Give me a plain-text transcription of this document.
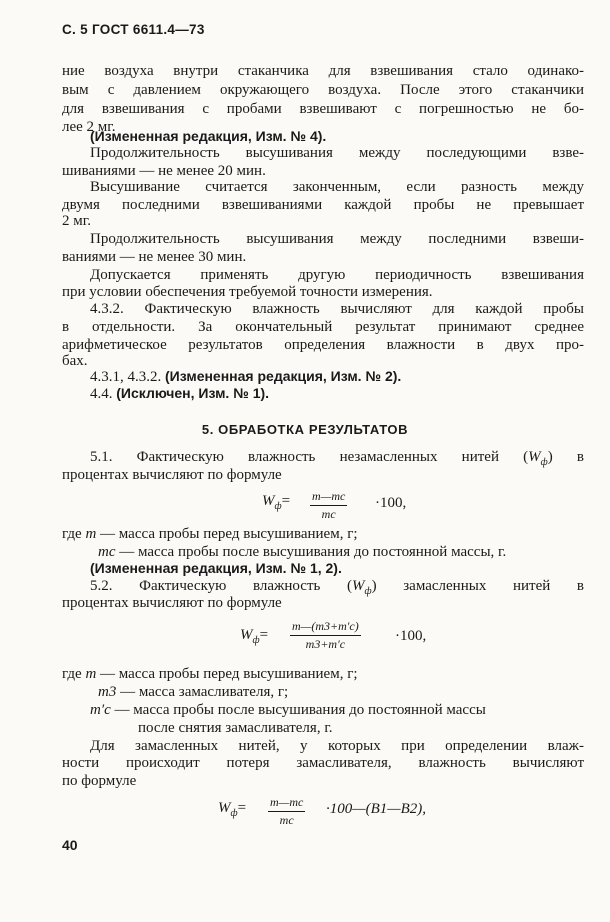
С. 5 ГОСТ 6611.4—73
ние воздуха внутри стаканчика для взвешивания стало одинако-
вым с давлением окружающего воздуха. После этого стаканчики
для взвешивания с пробами взвешивают с погрешностью не бо-
лее 2 мг.
(Измененная редакция, Изм. № 4).
Продолжительность высушивания между последующими взве-
шиваниями — не менее 20 мин.
Высушивание считается законченным, если разность между
двумя последними взвешиваниями каждой пробы не превышает
2 мг.
Продолжительность высушивания между последними взвеши-
ваниями — не менее 30 мин.
Допускается применять другую периодичность взвешивания
при условии обеспечения требуемой точности измерения.
4.3.2. Фактическую влажность вычисляют для каждой пробы
в отдельности. За окончательный результат принимают среднее
арифметическое результатов определения влажности в двух про-
бах.
4.3.1, 4.3.2. (Измененная редакция, Изм. № 2).
4.4. (Исключен, Изм. № 1).
5. ОБРАБОТКА РЕЗУЛЬТАТОВ
5.1. Фактическую влажность незамасленных нитей $(W_ф)$ в
процентах вычисляют по формуле
$W_ф=$ m—mс
mс
·100,
где m — масса пробы перед высушиванием, г;
mс — масса пробы после высушивания до постоянной массы, г.
(Измененная редакция, Изм. № 1, 2).
5.2. Фактическую влажность $(W_ф)$ замасленных нитей в
процентах вычисляют по формуле
$W_ф=$
m—(m3+m′с)
m3+m′с	·100,
где m — масса пробы перед высушиванием, г;
m3 — масса замасливателя, г;
m′с — масса пробы после высушивания до постоянной массы
после снятия замасливателя, г.
Для замасленных нитей, у которых при определении влаж-
ности происходит потеря замасливателя, влажность вычисляют
по формуле
$W_ф=$ m—mс
mс
·100—(B1—B2),
40
